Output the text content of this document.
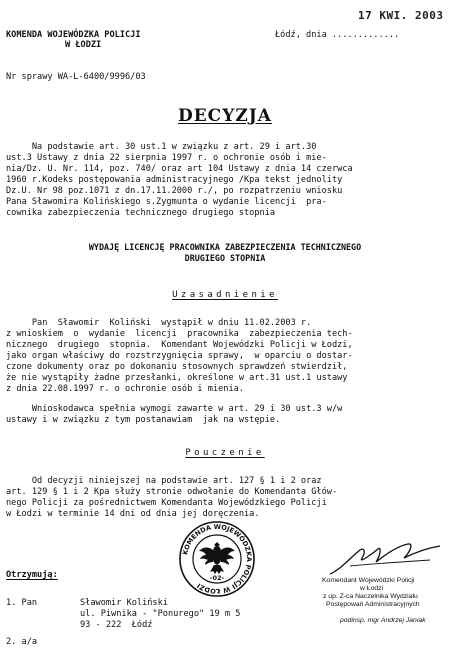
17 KWI. 2003
KOMENDA WOJEWÓDZKA POLICJI
W ŁODZI
Łódź, dnia .............
Nr sprawy WA-L-6400/9996/03
DECYZJA
Na podstawie art. 30 ust.1 w związku z art. 29 i art.30
ust.3 Ustawy z dnia 22 sierpnia 1997 r. o ochronie osób i mie-
nia/Dz. U. Nr. 114, poz. 740/ oraz art 104 Ustawy z dnia 14 czerwca
1960 r.Kodeks postępowania administracyjnego /Kpa tekst jednolity
Dz.U. Nr 98 poz.1071 z dn.17.11.2000 r./, po rozpatrzeniu wniosku
Pana Sławomira Kolińskiego s.Zygmunta o wydanie licencji  pra-
cownika zabezpieczenia technicznego drugiego stopnia
WYDAJĘ LICENCJĘ PRACOWNIKA ZABEZPIECZENIA TECHNICZNEGO
DRUGIEGO STOPNIA
Uzasadnienie
Pan  Sławomir  Koliński  wystąpił w dniu 11.02.2003 r.
z wnioskiem  o  wydanie  licencji  pracownika  zabezpieczenia tech-
nicznego  drugiego  stopnia.  Komendant Wojewódzki Policji w Łodzi,
jako organ właściwy do rozstrzygnięcia sprawy,  w oparciu o dostar-
czone dokumenty oraz po dokonaniu stosownych sprawdzeń stwierdził,
że nie wystąpiły żadne przesłanki, określone w art.31 ust.1 ustawy
z dnia 22.08.1997 r. o ochronie osób i mienia.
Wnioskodawca spełnia wymogi zawarte w art. 29 i 30 ust.3 w/w
ustawy i w związku z tym postanawiam  jak na wstępie.
Pouczenie
Od decyzji niniejszej na podstawie art. 127 § 1 i 2 oraz
art. 129 § 1 i 2 Kpa służy stronie odwołanie do Komendanta Głów-
nego Policji za pośrednictwem Komendanta Wojewódzkiego Policji
w Łodzi w terminie 14 dni od dnia jej doręczenia.
KOMENDA WOJEWÓDZKA POLICJI W ŁODZI
-02-
Otrzymują:
1. Pan	Sławomir Koliński
ul. Piwnika - "Ponurego" 19 m 5
93 - 222  Łódź
2. a/a
Komendant Wojewódzki Policji
w Łodzi
z up. Z-ca Naczelnika Wydziału
Postępowań Administracyjnych
podinsp. mgr Andrzej Janiak
